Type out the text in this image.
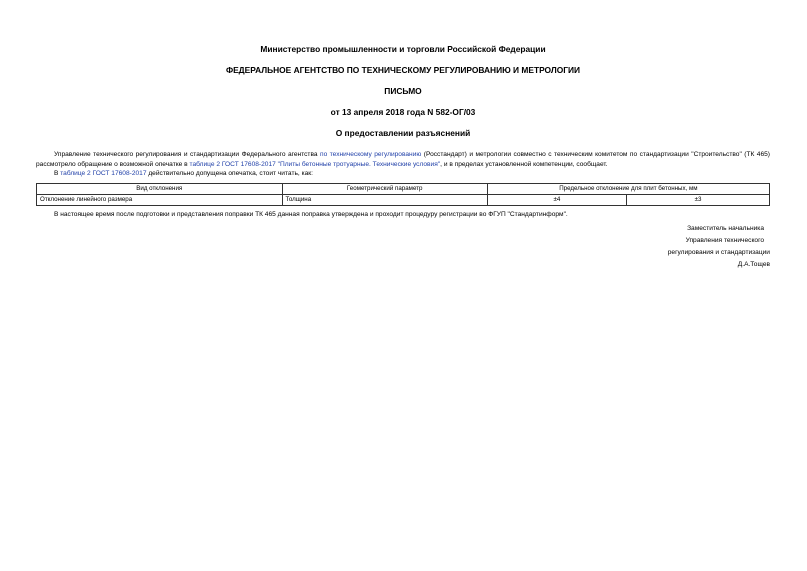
Министерство промышленности и торговли Российской Федерации
ФЕДЕРАЛЬНОЕ АГЕНТСТВО ПО ТЕХНИЧЕСКОМУ РЕГУЛИРОВАНИЮ И МЕТРОЛОГИИ
ПИСЬМО
от 13 апреля 2018 года N 582-ОГ/03
О предоставлении разъяснений

Управление технического регулирования и стандартизации Федерального агентства по техническому регулированию (Росстандарт) и метрологии совместно с техническим комитетом по стандартизации "Строительство" (ТК 465) рассмотрело обращение о возможной опечатке в таблице 2 ГОСТ 17608-2017 "Плиты бетонные тротуарные. Технические условия", и в пределах установленной компетенции, сообщает.

В таблице 2 ГОСТ 17608-2017 действительно допущена опечатка, стоит читать, как:

Вид отклонения	Геометрический параметр	Предельное отклонение для плит бетонных, мм	
Отклонение линейного размера	Толщина	±4	±3

В настоящее время после подготовки и представления поправки ТК 465 данная поправка утверждена и проходит процедуру регистрации во ФГУП "Стандартинформ".

Заместитель начальника
Управления технического
регулирования и стандартизации
Д.А.Тощев
